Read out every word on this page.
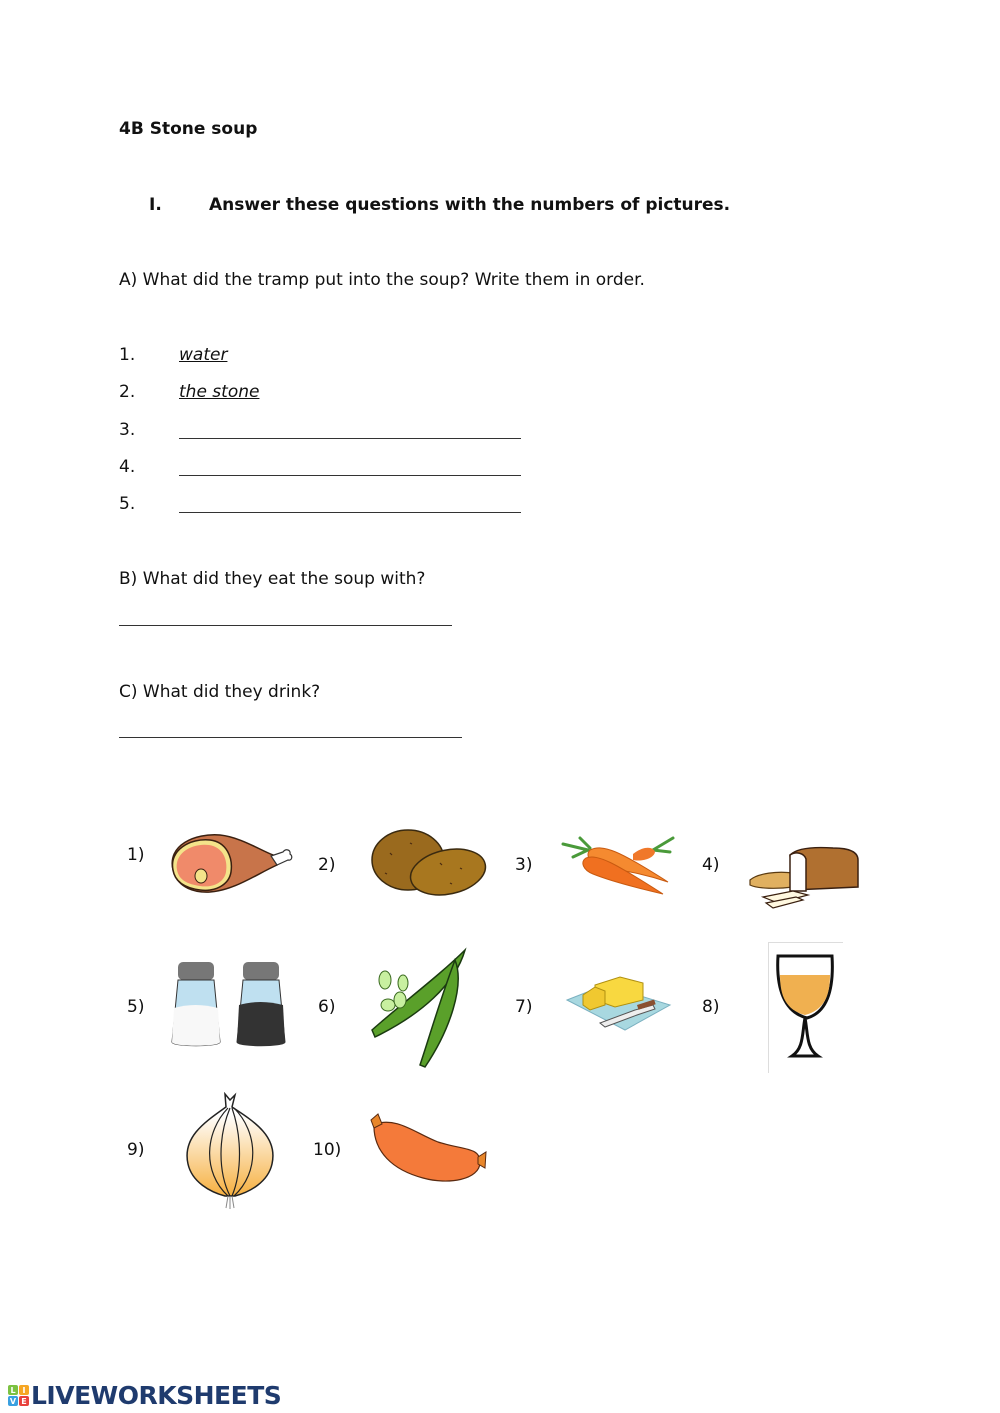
4B Stone soup
I.	Answer these questions with the numbers of pictures.
A) What did the tramp put into the soup? Write them in order.
1.	water
2.	the stone
3.
4.
5.
B) What did they eat the soup with?
C) What did they drink?
1)	2)	3)	4)
5)	6)	7)	8)
9)	10)
L I
V E LIVEWORKSHEETS
